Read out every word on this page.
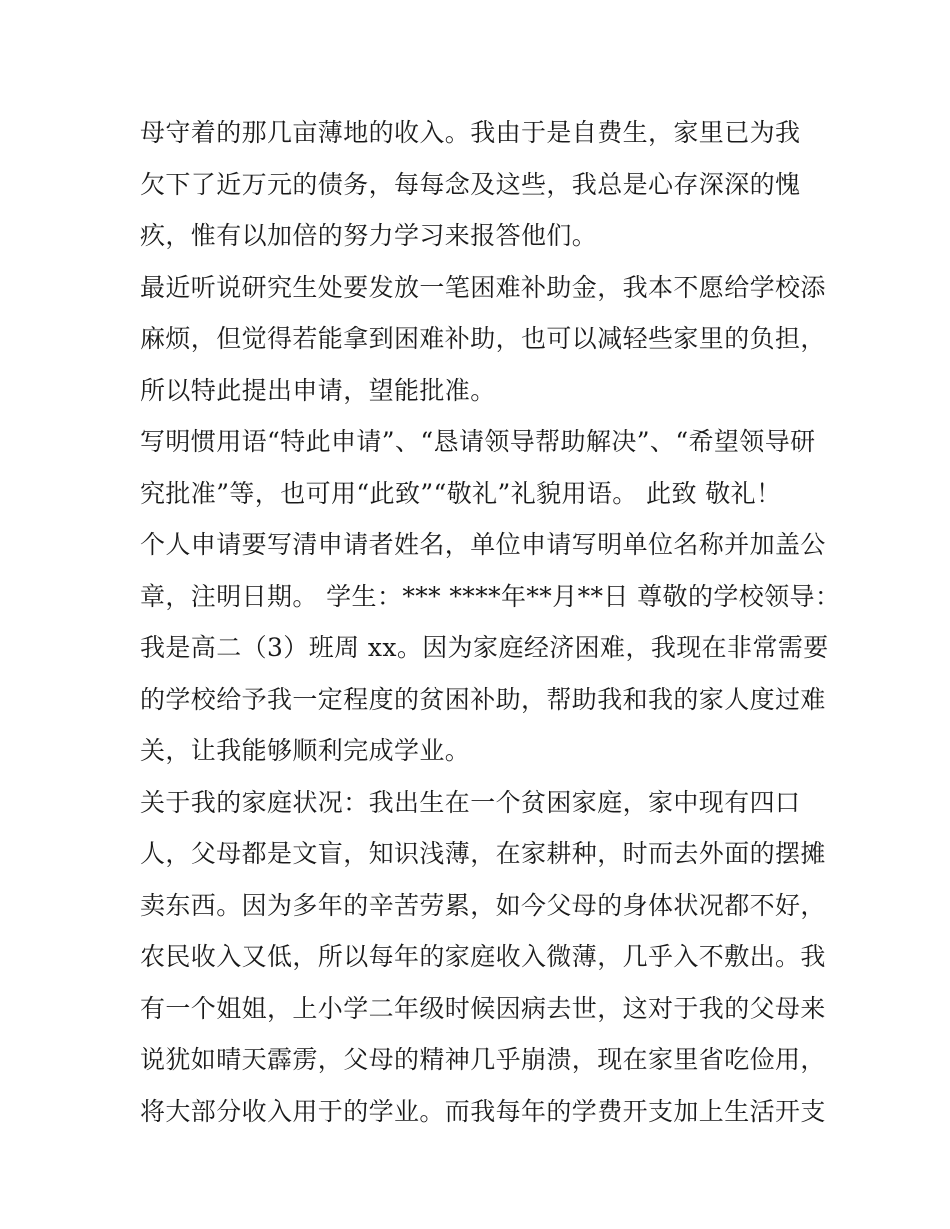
母守着的那几亩薄地的收入。我由于是自费生，家里已为我
欠下了近万元的债务，每每念及这些，我总是心存深深的愧
疚，惟有以加倍的努力学习来报答他们。
最近听说研究生处要发放一笔困难补助金，我本不愿给学校添
麻烦，但觉得若能拿到困难补助，也可以减轻些家里的负担，
所以特此提出申请，望能批准。
写明惯用语“特此申请”、“恳请领导帮助解决”、“希望领导研
究批准”等，也可用“此致”“敬礼”礼貌用语。 此致 敬礼！
个人申请要写清申请者姓名，单位申请写明单位名称并加盖公
章，注明日期。 学生：*** ****年**月**日 尊敬的学校领导：
我是高二（3）班周 xx。因为家庭经济困难，我现在非常需要
的学校给予我一定程度的贫困补助，帮助我和我的家人度过难
关，让我能够顺利完成学业。
关于我的家庭状况：我出生在一个贫困家庭，家中现有四口
人，父母都是文盲，知识浅薄，在家耕种，时而去外面的摆摊
卖东西。因为多年的辛苦劳累，如今父母的身体状况都不好，
农民收入又低，所以每年的家庭收入微薄，几乎入不敷出。我
有一个姐姐，上小学二年级时候因病去世，这对于我的父母来
说犹如晴天霹雳，父母的精神几乎崩溃，现在家里省吃俭用，
将大部分收入用于的学业。而我每年的学费开支加上生活开支
